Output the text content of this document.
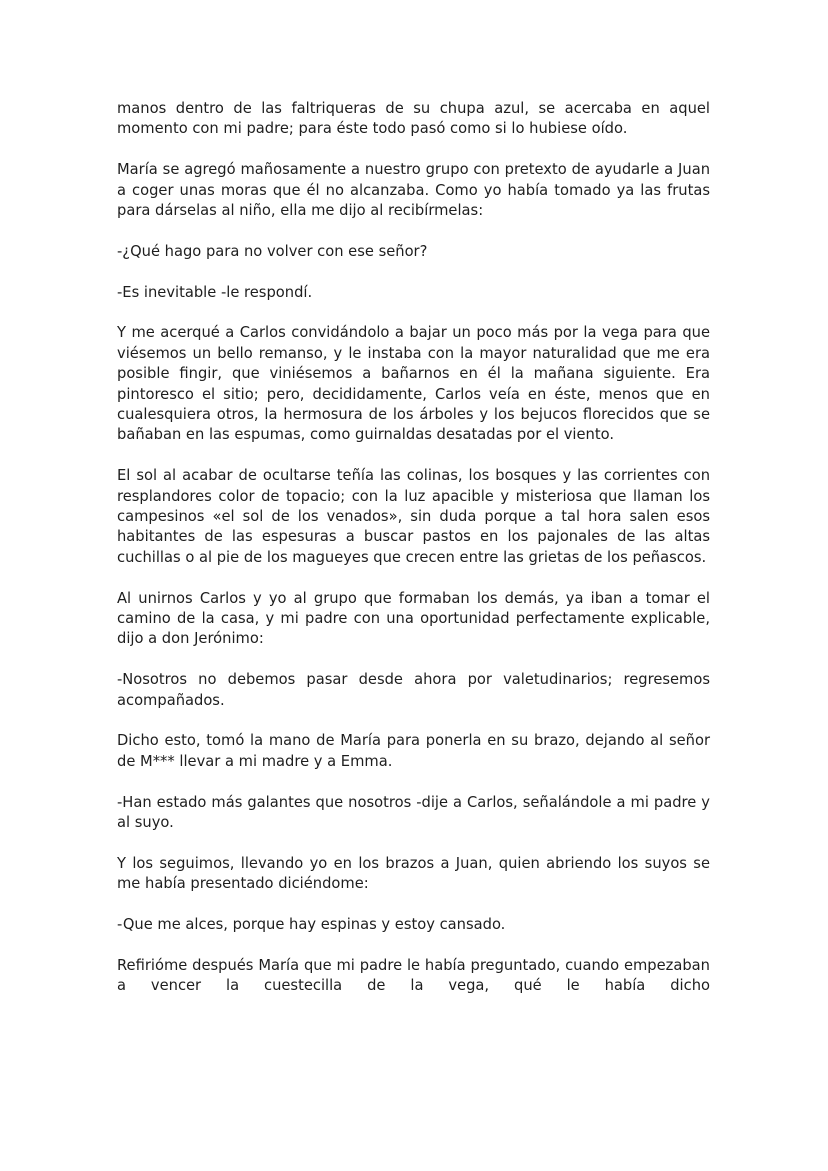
manos dentro de las faltriqueras de su chupa azul, se acercaba en aquel momento con mi padre; para éste todo pasó como si lo hubiese oído.

María se agregó mañosamente a nuestro grupo con pretexto de ayudarle a Juan a coger unas moras que él no alcanzaba. Como yo había tomado ya las frutas para dárselas al niño, ella me dijo al recibírmelas:

-¿Qué hago para no volver con ese señor?

-Es inevitable -le respondí.

Y me acerqué a Carlos convidándolo a bajar un poco más por la vega para que viésemos un bello remanso, y le instaba con la mayor naturalidad que me era posible fingir, que viniésemos a bañarnos en él la mañana siguiente. Era pintoresco el sitio; pero, decididamente, Carlos veía en éste, menos que en cualesquiera otros, la hermosura de los árboles y los bejucos florecidos que se bañaban en las espumas, como guirnaldas desatadas por el viento.

El sol al acabar de ocultarse teñía las colinas, los bosques y las corrientes con resplandores color de topacio; con la luz apacible y misteriosa que llaman los campesinos «el sol de los venados», sin duda porque a tal hora salen esos habitantes de las espesuras a buscar pastos en los pajonales de las altas cuchillas o al pie de los magueyes que crecen entre las grietas de los peñascos.

Al unirnos Carlos y yo al grupo que formaban los demás, ya iban a tomar el camino de la casa, y mi padre con una oportunidad perfectamente explicable, dijo a don Jerónimo:

-Nosotros no debemos pasar desde ahora por valetudinarios; regresemos acompañados.

Dicho esto, tomó la mano de María para ponerla en su brazo, dejando al señor de M*** llevar a mi madre y a Emma.

-Han estado más galantes que nosotros -dije a Carlos, señalándole a mi padre y al suyo.

Y los seguimos, llevando yo en los brazos a Juan, quien abriendo los suyos se me había presentado diciéndome:

-Que me alces, porque hay espinas y estoy cansado.

Refirióme después María que mi padre le había preguntado, cuando empezaban a vencer la cuestecilla de la vega, qué le había dicho
